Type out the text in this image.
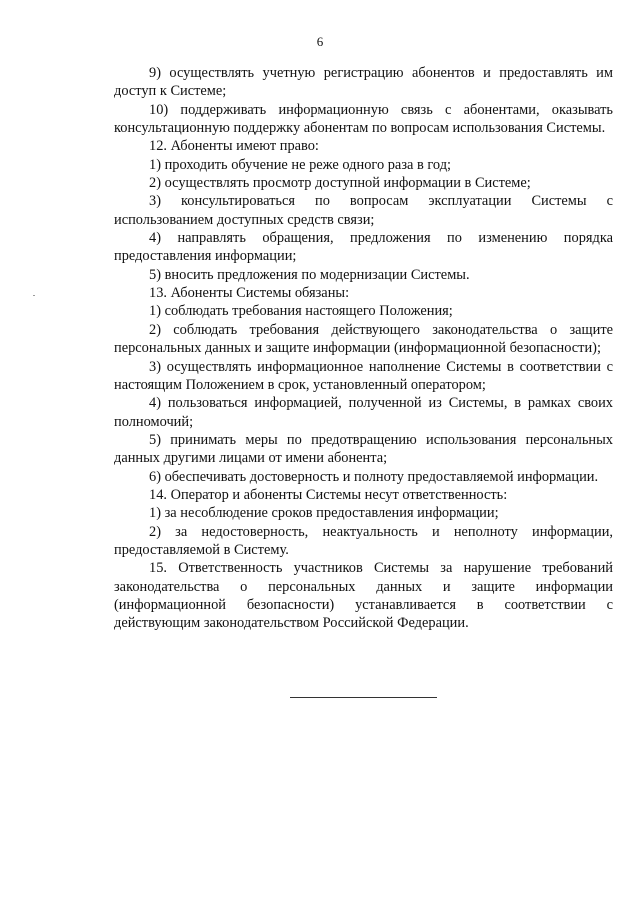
6

9) осуществлять учетную регистрацию абонентов и предоставлять им доступ к Системе;

10) поддерживать информационную связь с абонентами, оказывать консультационную поддержку абонентам по вопросам использования Системы.

12. Абоненты имеют право:

1) проходить обучение не реже одного раза в год;

2) осуществлять просмотр доступной информации в Системе;

3) консультироваться по вопросам эксплуатации Системы с использованием доступных средств связи;

4) направлять обращения, предложения по изменению порядка предоставления информации;

5) вносить предложения по модернизации Системы.

13. Абоненты Системы обязаны:

1) соблюдать требования настоящего Положения;

2) соблюдать требования действующего законодательства о защите персональных данных и защите информации (информационной безопасности);

3) осуществлять информационное наполнение Системы в соответствии с настоящим Положением в срок, установленный оператором;

4) пользоваться информацией, полученной из Системы, в рамках своих полномочий;

5) принимать меры по предотвращению использования персональных данных другими лицами от имени абонента;

6) обеспечивать достоверность и полноту предоставляемой информации.

14. Оператор и абоненты Системы несут ответственность:

1) за несоблюдение сроков предоставления информации;

2) за недостоверность, неактуальность и неполноту информации, предоставляемой в Систему.

15. Ответственность участников Системы за нарушение требований законодательства о персональных данных и защите информации (информационной безопасности) устанавливается в соответствии с действующим законодательством Российской Федерации.
